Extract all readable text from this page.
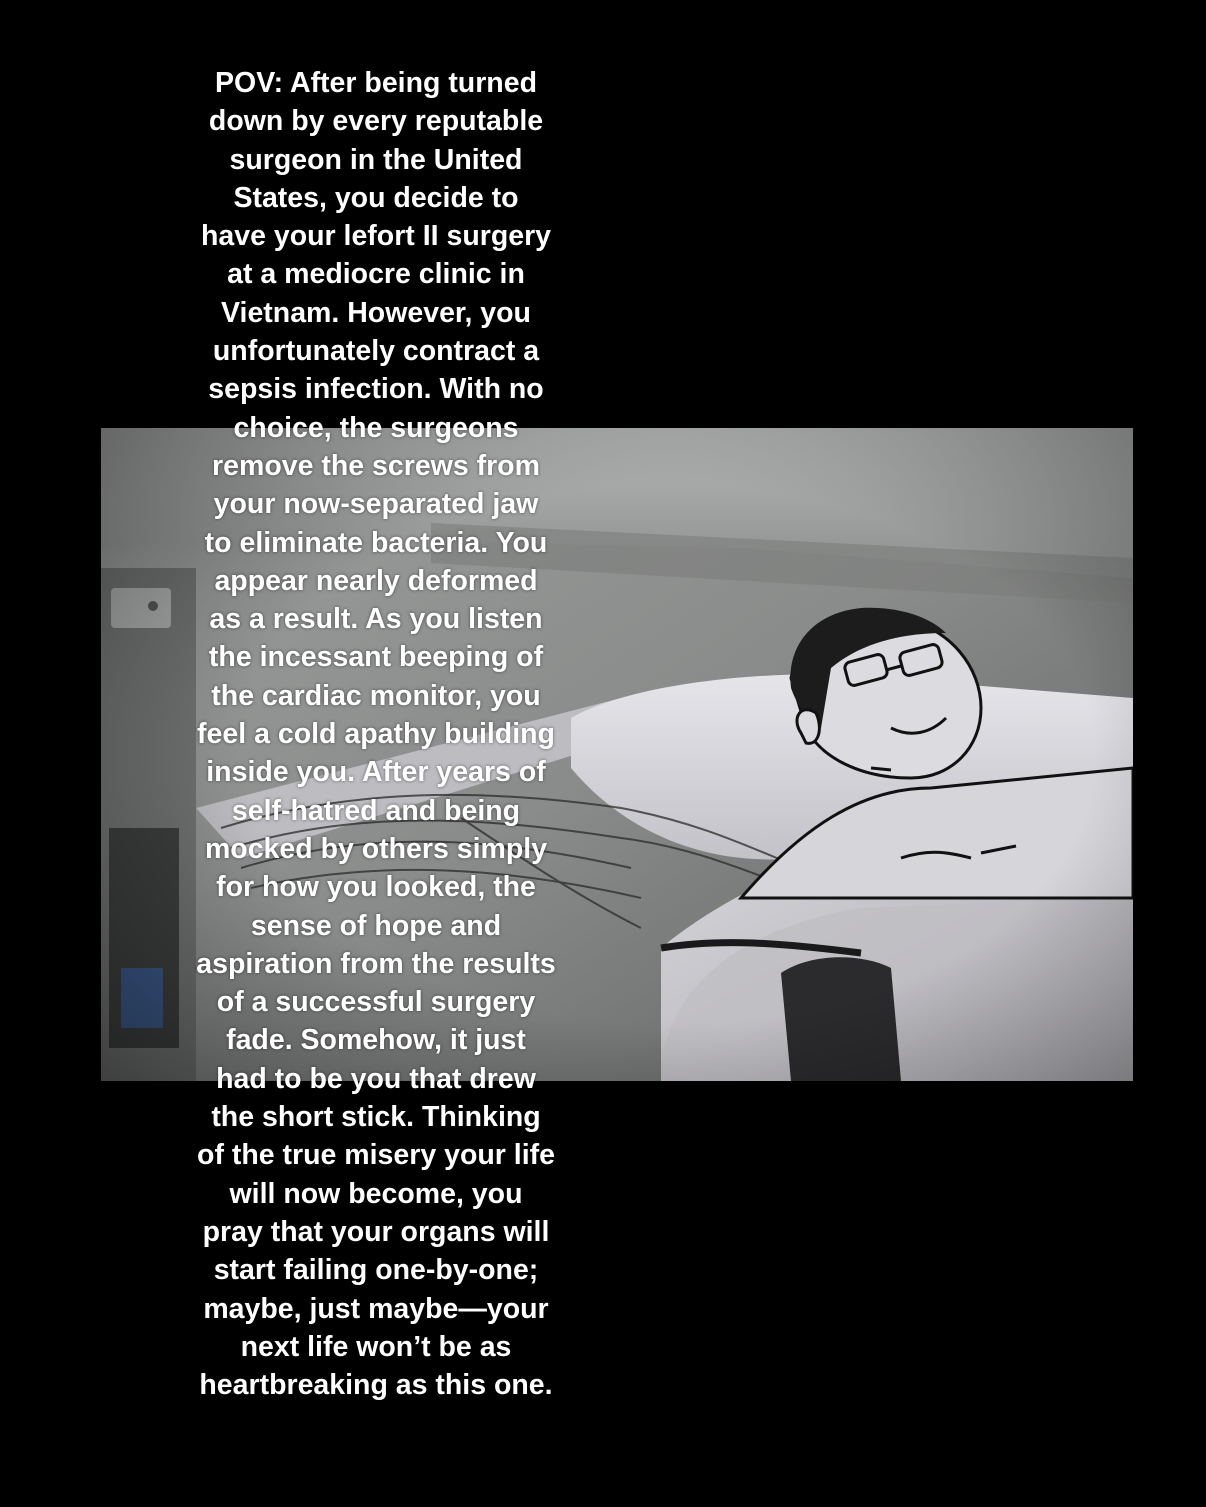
POV: After being turned
down by every reputable
surgeon in the United
States, you decide to
have your lefort II surgery
at a mediocre clinic in
Vietnam. However, you
unfortunately contract a
sepsis infection. With no
choice, the surgeons
remove the screws from
your now-separated jaw
to eliminate bacteria. You
appear nearly deformed
as a result. As you listen
the incessant beeping of
the cardiac monitor, you
feel a cold apathy building
inside you. After years of
self-hatred and being
mocked by others simply
for how you looked, the
sense of hope and
aspiration from the results
of a successful surgery
fade. Somehow, it just
had to be you that drew
the short stick. Thinking
of the true misery your life
will now become, you
pray that your organs will
start failing one-by-one;
maybe, just maybe—your
next life won’t be as
heartbreaking as this one.
